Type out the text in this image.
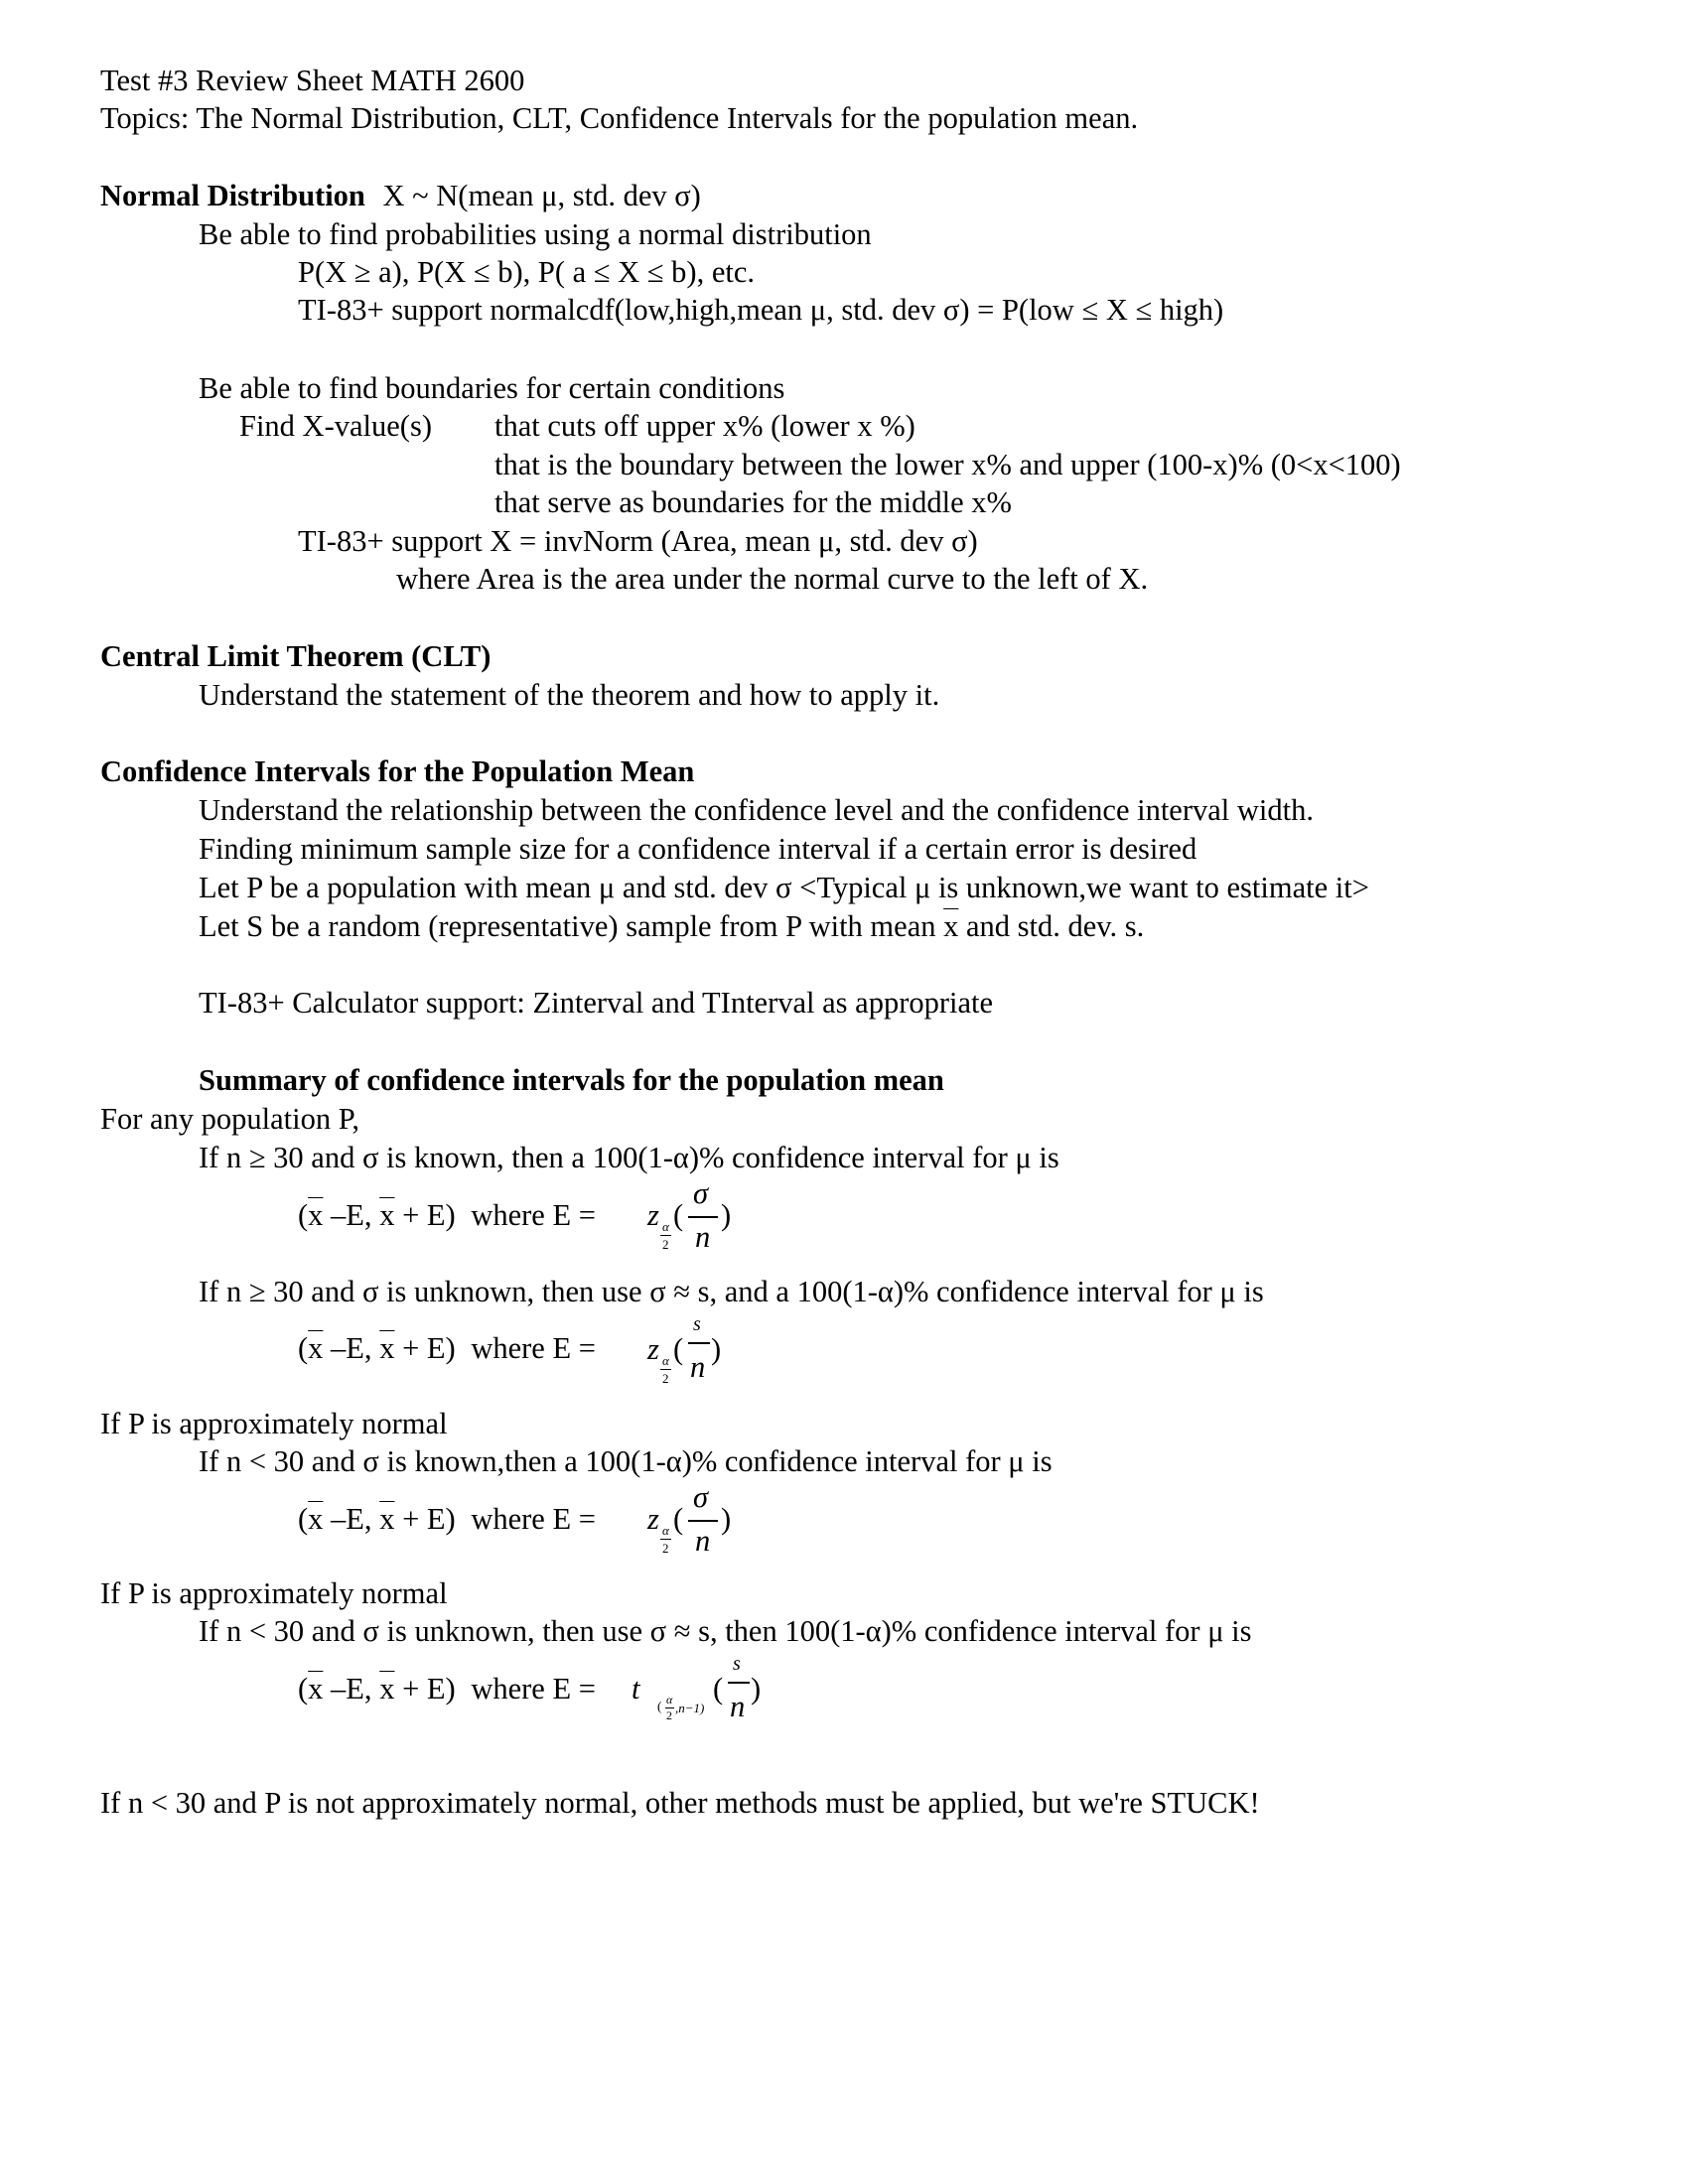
Test #3 Review Sheet MATH 2600
Topics: The Normal Distribution, CLT, Confidence Intervals for the population mean.
Normal Distribution X ~ N(mean μ, std. dev σ)
Be able to find probabilities using a normal distribution
P(X ≥ a), P(X ≤ b), P( a ≤ X ≤ b), etc.
TI-83+ support normalcdf(low,high,mean μ, std. dev σ) = P(low ≤ X ≤ high)
Be able to find boundaries for certain conditions
Find X-value(s) that cuts off upper x% (lower x %)
that is the boundary between the lower x% and upper (100-x)% (0<x<100)
that serve as boundaries for the middle x%
TI-83+ support X = invNorm (Area, mean μ, std. dev σ)
where Area is the area under the normal curve to the left of X.
Central Limit Theorem (CLT)
Understand the statement of the theorem and how to apply it.
Confidence Intervals for the Population Mean
Understand the relationship between the confidence level and the confidence interval width.
Finding minimum sample size for a confidence interval if a certain error is desired
Let P be a population with mean μ and std. dev σ <Typical μ is unknown,we want to estimate it>
Let S be a random (representative) sample from P with mean $\overline{x}$ and std. dev. s.
TI-83+ Calculator support: Zinterval and TInterval as appropriate
Summary of confidence intervals for the population mean
For any population P,
If n ≥ 30 and σ is known, then a 100(1-α)% confidence interval for μ is
($\overline{x}$ –E, $\overline{x} + E$) where E = z α
2
(
σ
n
)
If n ≥ 30 and σ is unknown, then use σ ≈ s, and a 100(1-α)% confidence interval for μ is
($\overline{x}$ –E, $\overline{x} + E$) where E = z α
2
(
s
n
)
If P is approximately normal
If n < 30 and σ is known,then a 100(1-α)% confidence interval for μ is
($\overline{x}$ –E, $\overline{x} + E$) where E = z α
2
(
σ
n
)
If P is approximately normal
If n < 30 and σ is unknown, then use σ ≈ s, then 100(1-α)% confidence interval for μ is
($\overline{x}$ –E, $\overline{x} + E$) where E = t
( α
2 ,n−1)
(
s
n
)
If n < 30 and P is not approximately normal, other methods must be applied, but we're STUCK!
